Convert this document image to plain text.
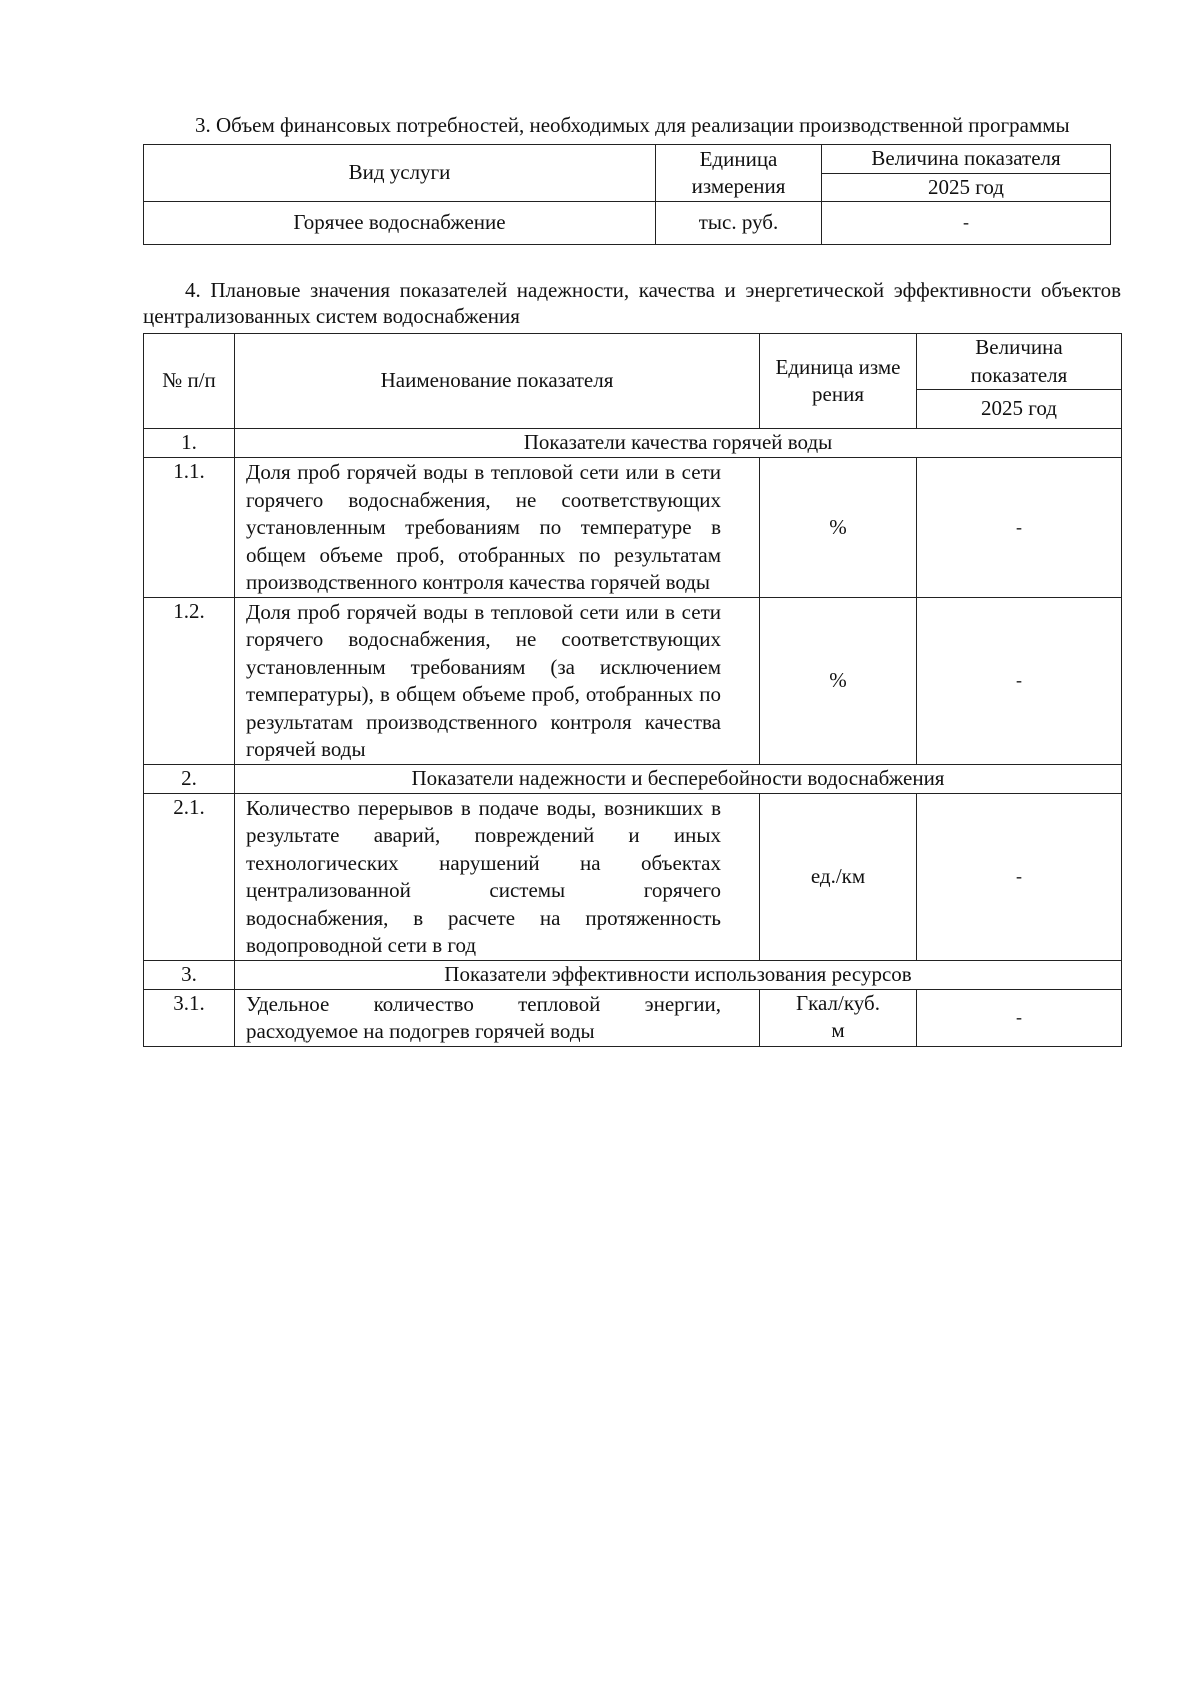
3. Объем финансовых потребностей, необходимых для реализации производственной программы

Вид услуги	Единица измерения	Величина показателя
		2025 год
Горячее водоснабжение	тыс. руб.	-

4. Плановые значения показателей надежности, качества и энергетической эффективности объектов централизованных систем водоснабжения

№ п/п	Наименование показателя	Единица измерения	Величина показателя
			2025 год
1.	Показатели качества горячей воды		
1.1.	Доля проб горячей воды в тепловой сети или в сети горячего водоснабжения, не соответствующих установленным требованиям по температуре в общем объеме проб, отобранных по результатам производственного контроля качества горячей воды	%	-
1.2.	Доля проб горячей воды в тепловой сети или в сети горячего водоснабжения, не соответствующих установленным требованиям (за исключением температуры), в общем объеме проб, отобранных по результатам производственного контроля качества горячей воды	%	-
2.	Показатели надежности и бесперебойности водоснабжения		
2.1.	Количество перерывов в подаче воды, возникших в результате аварий, повреждений и иных технологических нарушений на объектах централизованной системы горячего водоснабжения, в расчете на протяженность водопроводной сети в год	ед./км	-
3.	Показатели эффективности использования ресурсов		
3.1.	Удельное количество тепловой энергии, расходуемое на подогрев горячей воды	Гкал/куб. м	-
